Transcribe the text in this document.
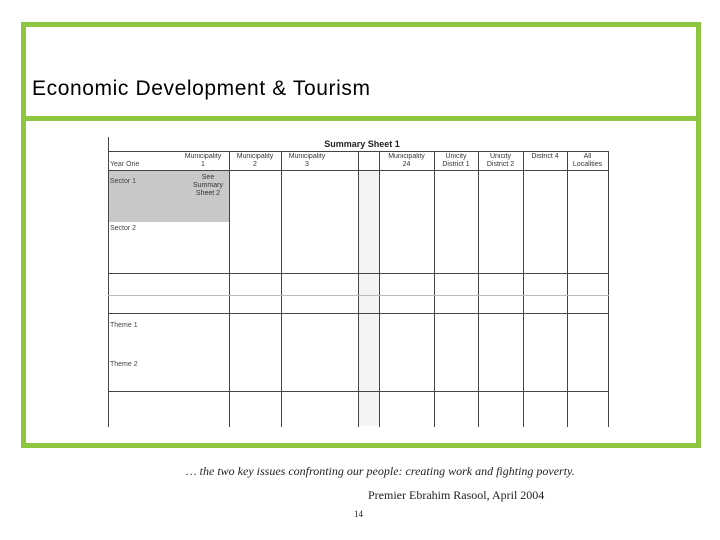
Economic Development & Tourism
Summary Sheet 1
Year One
Municipality
1
Municipality
2
Municipality
3
Municipality
24
Unicity
District 1
Unicity
District 2
District 4	All
Localities
See
Summary
Sheet 2
Sector 1
Sector 2
Theme 1
Theme 2

… the two key issues confronting our people: creating work and fighting poverty.

Premier Ebrahim Rasool, April 2004

14
